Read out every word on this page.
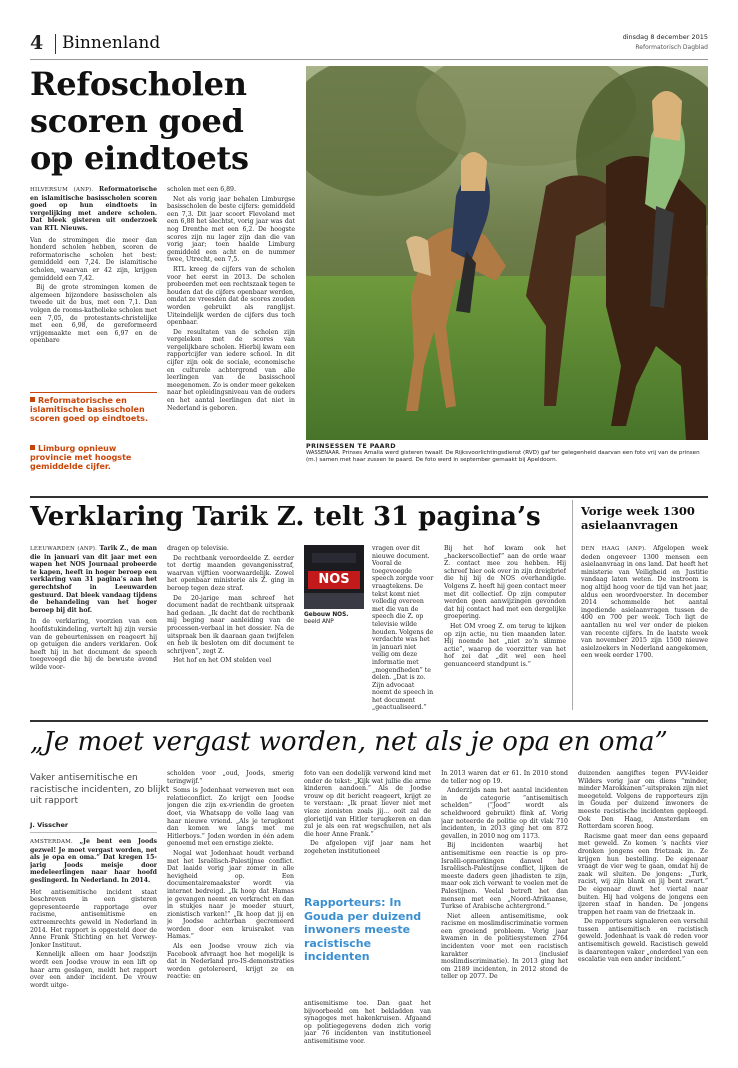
4 Binnenland	dinsdag 8 december 2015
Reformatorisch Dagblad
Refoscholen scoren goed op eindtoets

HILVERSUM (ANP). Reformatorische en islamitische basisscholen scoren goed op hun eindtoets in vergelijking met andere scholen. Dat bleek gisteren uit onderzoek van RTL Nieuws.

Van de stromingen die meer dan honderd scholen hebben, scoren de reformatorische scholen het best: gemiddeld een 7,24. De islamitische scholen, waarvan er 42 zijn, krijgen gemiddeld een 7,42.

Bij de grote stromingen komen de algemeen bijzondere basisscholen als tweede uit de bus, met een 7,1. Dan volgen de rooms-katholieke scholen met een 7,05, de protestants-christelijke met een 6,98, de gereformeerd vrijgemaakte met een 6,97 en de openbare

Reformatorische en islamitische basisscholen scoren goed op eindtoets.
Limburg opnieuw provincie met hoogste gemiddelde cijfer.

scholen met een 6,89.

Net als vorig jaar behalen Limburgse basisscholen de beste cijfers: gemiddeld een 7,3. Dit jaar scoort Flevoland met een 6,88 het slechtst, vorig jaar was dat nog Drenthe met een 6,2. De hoogste scores zijn nu lager zijn dan die van vorig jaar; toen haalde Limburg gemiddeld een acht en de nummer twee, Utrecht, een 7,5.

RTL kreeg de cijfers van de scholen voor het eerst in 2013. De scholen probeerden met een rechtszaak tegen te houden dat de cijfers openbaar werden, omdat ze vreesden dat de scores zouden worden gebruikt als ranglijst. Uiteindelijk werden de cijfers dus toch openbaar.

De resultaten van de scholen zijn vergeleken met de scores van vergelijkbare scholen. Hierbij kwam een rapportcijfer van iedere school. In dit cijfer zijn ook de sociale, economische en culturele achtergrond van alle leerlingen van de basisschool meegenomen. Zo is onder meer gekeken naar het opleidingsniveau van de ouders en het aantal leerlingen dat niet in Nederland is geboren.

PRINSESSEN TE PAARD
WASSENAAR. Prinses Amalia werd gisteren twaalf. De Rijksvoorlichtingsdienst (RVD) gaf ter gelegenheid daarvan een foto vrij van de prinsen (m.) samen met haar zussen te paard. De foto werd in september gemaakt bij Apeldoorn.
Verklaring Tarik Z. telt 31 pagina’s

LEEUWARDEN (ANP). Tarik Z., de man die in januari van dit jaar met een wapen het NOS Journaal probeerde te kapen, heeft in hoger beroep een verklaring van 31 pagina’s aan het gerechtshof in Leeuwarden gestuurd. Dat bleek vandaag tijdens de behandeling van het hoger beroep bij dit hof.

In de verklaring, voorzien van een hoofdstukindeling, vertelt hij zijn versie van de gebeurtenissen en reageert hij op getuigen die anders verklaren. Ook heeft hij in het document de speech toegevoegd die hij de bewuste avond wilde voor-

dragen op televisie.

De rechtbank veroordeelde Z. eerder tot dertig maanden gevangenisstraf, waarvan vijftien voorwaardelijk. Zowel het openbaar ministerie als Z. ging in beroep tegen deze straf.

De 20-jarige man schreef het document nadat de rechtbank uitspraak had gedaan. „Ik dacht dat de rechtbank mij beging naar aanleiding van de processen-verbaal in het dossier. Na de uitspraak ben ik daaraan gaan twijfelen en heb ik besloten om dit document te schrijven”, zegt Z.

Het hof en het OM stelden veel

NOS
Gebouw NOS.
beeld ANP

vragen over dit nieuwe document. Vooral de toegevoegde speech zorgde voor vraagtekens. De tekst komt niet volledig overeen met die van de speech die Z. op televisie wilde houden. Volgens de verdachte was het in januari niet veilig om deze informatie met „mogendheden” te delen. „Dat is zo. Zijn advocaat noemt de speech in het document „geactualiseerd.”

Bij het hof kwam ook het „hackerscollectief” aan de orde waar Z. contact mee zou hebben. Hij schreef hier ook over in zijn dreigbrief die hij bij de NOS overhandigde. Volgens Z. heeft hij geen contact meer met dit collectief. Op zijn computer werden geen aanwijzingen gevonden dat hij contact had met een dergelijke groepering.

Het OM vroeg Z. om terug te kijken op zijn actie, nu tien maanden later. Hij noemde het „niet zo’n slimme actie”, waarop de voorzitter van het hof zei dat „dit wel een heel genuanceerd standpunt is.”

Vorige week 1300 asielaanvragen

DEN HAAG (ANP). Afgelopen week deden ongeveer 1300 mensen een asielaanvraag in ons land. Dat heeft het ministerie van Veiligheid en Justitie vandaag laten weten. De instroom is nog altijd hoog voor de tijd van het jaar, aldus een woordvoerster. In december 2014 schommelde het aantal ingediende asielaanvragen tussen de 400 en 700 per week. Toch ligt de aantallen nu wel ver onder de pieken van recente cijfers. In de laatste week van november 2015 zijn 1500 nieuwe asielzoekers in Nederland aangekomen, een week eerder 1700.

„Je moet vergast worden, net als je opa en oma”
Vaker antisemitische en racistische incidenten, zo blijkt uit rapport
J. Visscher

AMSTERDAM. „Je bent een Joods gezwel! Je moet vergast worden, net als je opa en oma.” Dat kregen 15-jarig Joods meisje door medeleerlingen naar haar hoofd geslingerd. In Nederland. In 2014.

Het antisemitische incident staat beschreven in een gisteren gepresenteerde rapportage over racisme, antisemitisme en extreemrechts geweld in Nederland in 2014. Het rapport is opgesteld door de Anne Frank Stichting en het Verwey-Jonker Instituut.

Kennelijk alleen om haar Joodszijn wordt een Joodse vrouw in een lift op haar arm geslagen, meldt het rapport over een ander incident. De vrouw wordt uitge-

scholden voor „oud, Joods, smerig teringwijf.”

Soms is Jodenhaat verweven met een relatieconflict. Zo krijgt een Joodse jongen die zijn ex-vriendin de groeten doet, via Whatsapp de volle laag van haar nieuwe vriend. „Als je terugkomt dan komen we langs met me Hitlerboys.” Joden worden in één adem genoemd met een ernstige ziekte.

Nogal wat Jodenhaat houdt verband met het Israëlisch-Palestijnse conflict. Dat laaide vorig jaar zomer in alle hevigheid op. Een documentairemaakster wordt via internet bedreigd. „Ik hoop dat Hamas je gevangen neemt en verkracht en dan in stukjes naar je moeder stuurt, zionistisch varken!” „Ik hoop dat jij en je Joodse achterban gecremeerd worden door een kruisraket van Hamas.”

Als een Joodse vrouw zich via Facebook afvraagt hoe het mogelijk is dat in Nederland pro-IS-demonstraties worden getolereerd, krijgt ze en reactie: en

foto van een dodelijk verwond kind met onder de tekst: „Kijk wat jullie die arme kinderen aandoen.” Als de Joodse vrouw op dit bericht reageert, krijgt ze te verstaan: „Ik praat liever niet met vieze zionisten zoals jij... ooit zal de glorietijd van Hitler terugkeren en dan zul je als een rat wegschuilen, net als die hoer Anne Frank.”

De afgelopen vijf jaar nam het zogeheten institutioneel

Rapporteurs: In Gouda per duizend inwoners meeste racistische incidenten

antisemitisme toe. Dan gaat het bijvoorbeeld om het bekladden van synagoges met hakenkruisen. Afgaand op politiegegevens deden zich vorig jaar 76 incidenten van institutioneel antisemitisme voor.

In 2013 waren dat er 61. In 2010 stond de teller nog op 19.

Anderzijds nam het aantal incidenten in de categorie “antisemitisch schelden” (“Jood” wordt als scheldwoord gebruikt) flink af. Vorig jaar noteerde de politie op dit vlak 710 incidenten, in 2013 ging het om 872 gevallen, in 2010 nog om 1173.

Bij incidenten waarbij het antisemitisme een reactie is op pro-Israëli-opmerkingen danwel het Israëlisch-Palestijnse conflict, lijken de meeste daders geen jihadisten te zijn, maar ook zich verwant te voelen met de Palestijnen. Veelal betreft het dan mensen met een „Noord-Afrikaanse, Turkse of Arabische achtergrond.”

Niet alleen antisemitisme, ook racisme en moslimdiscriminatie vormen een groeiend probleem. Vorig jaar kwamen in de politiesystemen 2764 incidenten voor met een racistisch karakter (inclusief moslimdiscriminatie). In 2013 ging het om 2189 incidenten, in 2012 stond de teller op 2077. De

duizenden aangiftes tegen PVV-leider Wilders vorig jaar om diens “minder, minder Marokkanen”-uitspraken zijn niet meegeteld. Volgens de rapporteurs zijn in Gouda per duizend inwoners de meeste racistische incidenten gepleegd. Ook Den Haag, Amsterdam en Rotterdam scoren hoog.

Racisme gaat meer dan eens gepaard met geweld. Zo komen ’s nachts vier dronken jongens een frietzaak in. Ze krijgen hun bestelling. De eigenaar vraagt de vier weg te gaan, omdat hij de zaak wil sluiten. De jongens: „Turk, racist, wij zijn blank en jij bent zwart.” De eigenaar duwt het viertal naar buiten. Hij had volgens de jongens een ijzeren staaf in handen. De jongens trappen het raam van de frietzaak in.

De rapporteurs signaleren een verschil tussen antisemitisch en racistisch geweld. Jodenhaat is vaak dé reden voor antisemitisch geweld. Racistisch geweld is daarentegen vaker „onderdeel van een escalatie van een ander incident.”
